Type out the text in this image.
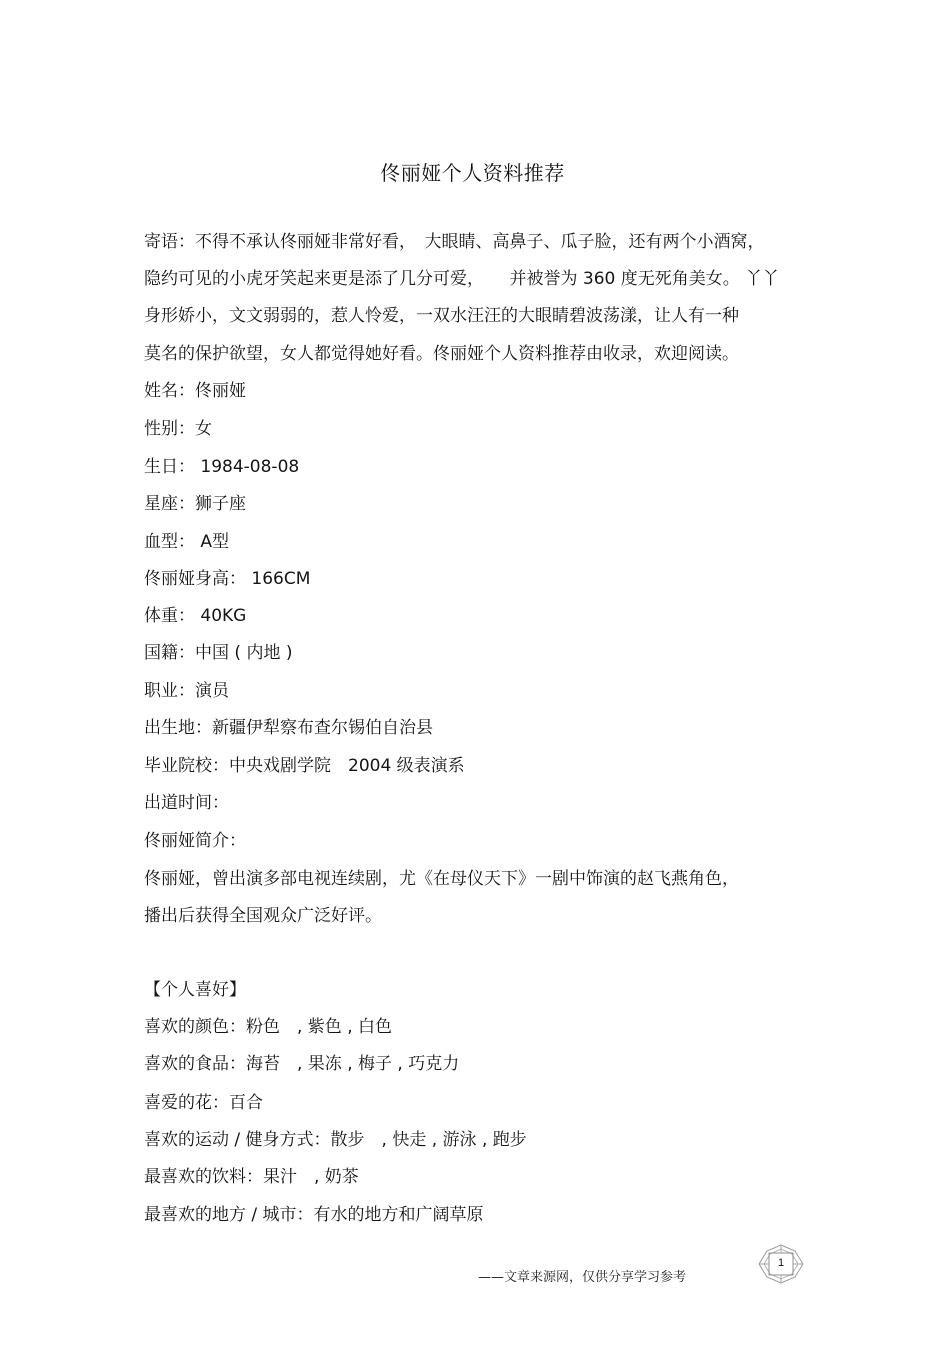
佟丽娅个人资料推荐
寄语：不得不承认佟丽娅非常好看，　大眼睛、高鼻子、瓜子脸，还有两个小酒窝，
隐约可见的小虎牙笑起来更是添了几分可爱，　　并被誉为 360 度无死角美女。 丫丫
身形娇小，文文弱弱的，惹人怜爱，一双水汪汪的大眼睛碧波荡漾，让人有一种
莫名的保护欲望，女人都觉得她好看。佟丽娅个人资料推荐由收录，欢迎阅读。
姓名：佟丽娅
性别：女
生日： 1984-08-08
星座：狮子座
血型： A型
佟丽娅身高： 166CM
体重： 40KG
国籍：中国 ( 内地 )
职业：演员
出生地：新疆伊犁察布查尔锡伯自治县
毕业院校：中央戏剧学院　2004 级表演系
出道时间：
佟丽娅简介：
佟丽娅，曾出演多部电视连续剧，尤《在母仪天下》一剧中饰演的赵飞燕角色，
播出后获得全国观众广泛好评。
【个人喜好】
喜欢的颜色：粉色　, 紫色 , 白色
喜欢的食品：海苔　, 果冻 , 梅子 , 巧克力
喜爱的花：百合
喜欢的运动 / 健身方式：散步　, 快走 , 游泳 , 跑步
最喜欢的饮料：果汁　, 奶茶
最喜欢的地方 / 城市：有水的地方和广阔草原
——文章来源网，仅供分享学习参考
1
